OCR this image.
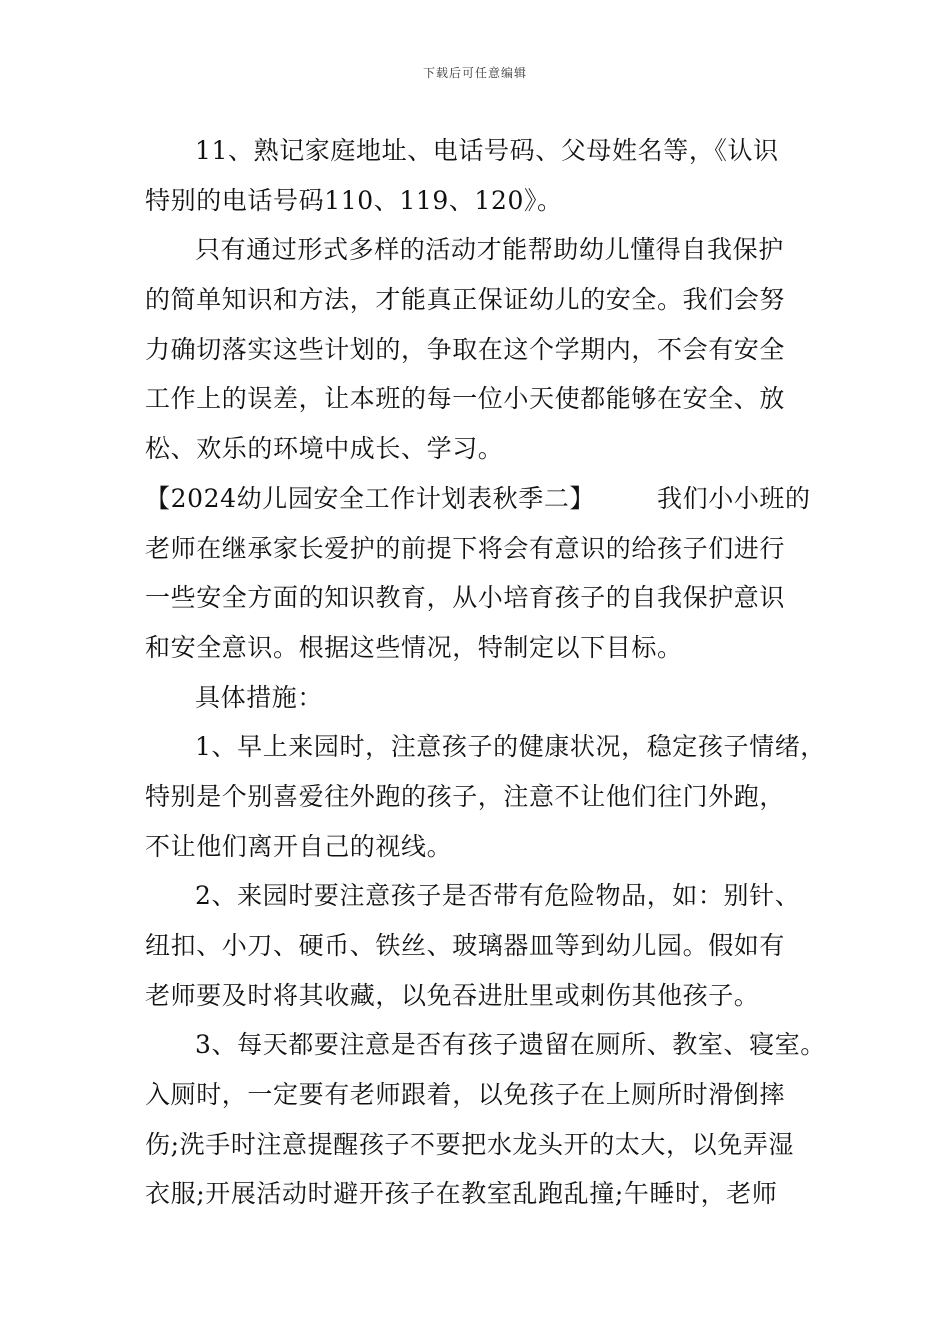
下载后可任意编辑
11、熟记家庭地址、电话号码、父母姓名等，《认识
特别的电话号码110、119、120》。
只有通过形式多样的活动才能帮助幼儿懂得自我保护
的简单知识和方法，才能真正保证幼儿的安全。我们会努
力确切落实这些计划的，争取在这个学期内，不会有安全
工作上的误差，让本班的每一位小天使都能够在安全、放
松、欢乐的环境中成长、学习。
【2024幼儿园安全工作计划表秋季二】 我们小小班的
老师在继承家长爱护的前提下将会有意识的给孩子们进行
一些安全方面的知识教育，从小培育孩子的自我保护意识
和安全意识。根据这些情况，特制定以下目标。
具体措施：
1、早上来园时，注意孩子的健康状况，稳定孩子情绪，
特别是个别喜爱往外跑的孩子，注意不让他们往门外跑，
不让他们离开自己的视线。
2、来园时要注意孩子是否带有危险物品，如：别针、
纽扣、小刀、硬币、铁丝、玻璃器皿等到幼儿园。假如有
老师要及时将其收藏，以免吞进肚里或刺伤其他孩子。
3、每天都要注意是否有孩子遗留在厕所、教室、寝室。
入厕时，一定要有老师跟着，以免孩子在上厕所时滑倒摔
伤;洗手时注意提醒孩子不要把水龙头开的太大，以免弄湿
衣服;开展活动时避开孩子在教室乱跑乱撞;午睡时，老师
